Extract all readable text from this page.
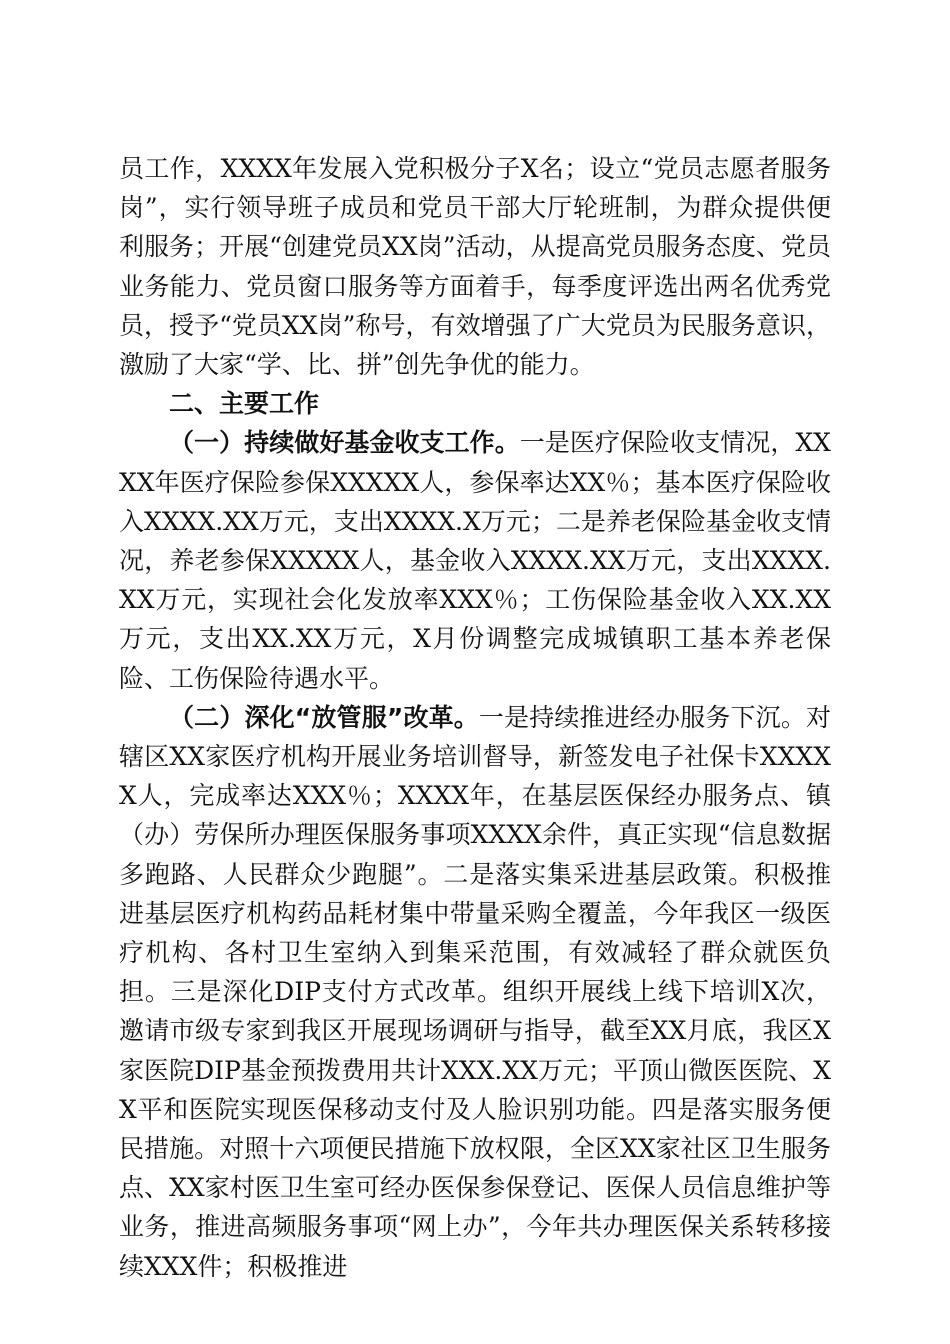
员工作，XXXX年发展入党积极分子X名；设立“党员志愿者服务岗”，实行领导班子成员和党员干部大厅轮班制，为群众提供便利服务；开展“创建党员XX岗”活动，从提高党员服务态度、党员业务能力、党员窗口服务等方面着手，每季度评选出两名优秀党员，授予“党员XX岗”称号，有效增强了广大党员为民服务意识，激励了大家“学、比、拼”创先争优的能力。

二、主要工作

（一）持续做好基金收支工作。一是医疗保险收支情况，XXXX年医疗保险参保XXXXX人，参保率达XX％；基本医疗保险收入XXXX.XX万元，支出XXXX.X万元；二是养老保险基金收支情况，养老参保XXXXX人，基金收入XXXX.XX万元，支出XXXX.XX万元，实现社会化发放率XXX％；工伤保险基金收入XX.XX万元，支出XX.XX万元，X月份调整完成城镇职工基本养老保险、工伤保险待遇水平。

（二）深化“放管服”改革。一是持续推进经办服务下沉。对辖区XX家医疗机构开展业务培训督导，新签发电子社保卡XXXXX人，完成率达XXX％；XXXX年，在基层医保经办服务点、镇（办）劳保所办理医保服务事项XXXX余件，真正实现“信息数据多跑路、人民群众少跑腿”。二是落实集采进基层政策。积极推进基层医疗机构药品耗材集中带量采购全覆盖，今年我区一级医疗机构、各村卫生室纳入到集采范围，有效减轻了群众就医负担。三是深化DIP支付方式改革。组织开展线上线下培训X次，邀请市级专家到我区开展现场调研与指导，截至XX月底，我区X家医院DIP基金预拨费用共计XXX.XX万元；平顶山微医医院、XX平和医院实现医保移动支付及人脸识别功能。四是落实服务便民措施。对照十六项便民措施下放权限，全区XX家社区卫生服务点、XX家村医卫生室可经办医保参保登记、医保人员信息维护等业务，推进高频服务事项“网上办”，今年共办理医保关系转移接续XXX件；积极推进
